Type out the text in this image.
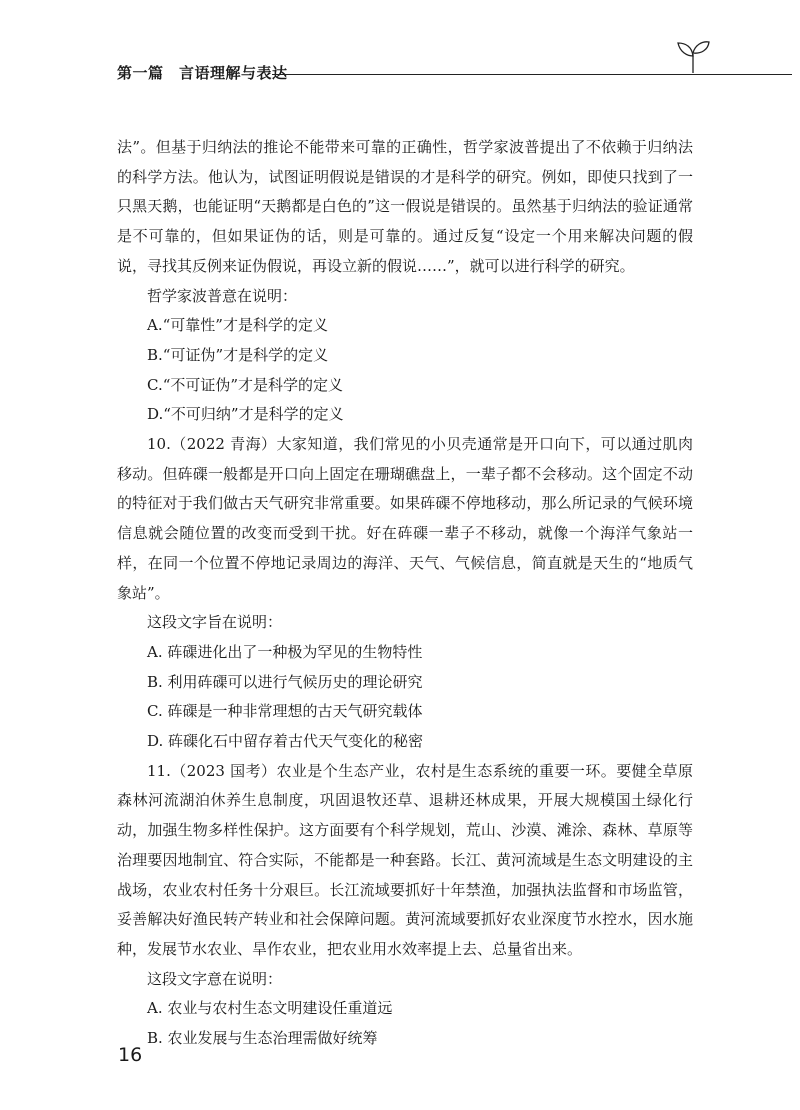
第一篇　言语理解与表达

法”。但基于归纳法的推论不能带来可靠的正确性，哲学家波普提出了不依赖于归纳法的科学方法。他认为，试图证明假说是错误的才是科学的研究。例如，即使只找到了一只黑天鹅，也能证明“天鹅都是白色的”这一假说是错误的。虽然基于归纳法的验证通常是不可靠的，但如果证伪的话，则是可靠的。通过反复“设定一个用来解决问题的假说，寻找其反例来证伪假说，再设立新的假说……”，就可以进行科学的研究。

哲学家波普意在说明：

A.“可靠性”才是科学的定义

B.“可证伪”才是科学的定义

C.“不可证伪”才是科学的定义

D.“不可归纳”才是科学的定义

10.（2022 青海）大家知道，我们常见的小贝壳通常是开口向下，可以通过肌肉移动。但砗磲一般都是开口向上固定在珊瑚礁盘上，一辈子都不会移动。这个固定不动的特征对于我们做古天气研究非常重要。如果砗磲不停地移动，那么所记录的气候环境信息就会随位置的改变而受到干扰。好在砗磲一辈子不移动，就像一个海洋气象站一样，在同一个位置不停地记录周边的海洋、天气、气候信息，简直就是天生的“地质气象站”。

这段文字旨在说明：

A. 砗磲进化出了一种极为罕见的生物特性

B. 利用砗磲可以进行气候历史的理论研究

C. 砗磲是一种非常理想的古天气研究载体

D. 砗磲化石中留存着古代天气变化的秘密

11.（2023 国考）农业是个生态产业，农村是生态系统的重要一环。要健全草原森林河流湖泊休养生息制度，巩固退牧还草、退耕还林成果，开展大规模国土绿化行动，加强生物多样性保护。这方面要有个科学规划，荒山、沙漠、滩涂、森林、草原等治理要因地制宜、符合实际，不能都是一种套路。长江、黄河流域是生态文明建设的主战场，农业农村任务十分艰巨。长江流域要抓好十年禁渔，加强执法监督和市场监管，妥善解决好渔民转产转业和社会保障问题。黄河流域要抓好农业深度节水控水，因水施种，发展节水农业、旱作农业，把农业用水效率提上去、总量省出来。

这段文字意在说明：

A. 农业与农村生态文明建设任重道远

B. 农业发展与生态治理需做好统筹

16
